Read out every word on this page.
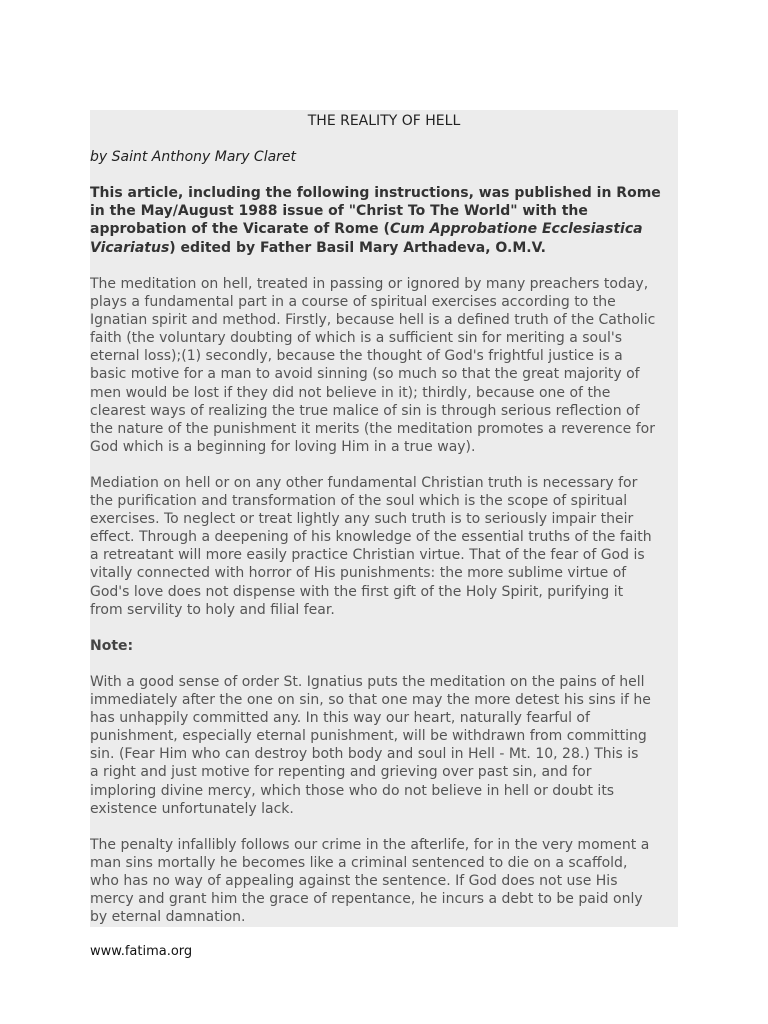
THE REALITY OF HELL
by Saint Anthony Mary Claret
This article, including the following instructions, was published in Rome
in the May/August 1988 issue of "Christ To The World" with the
approbation of the Vicarate of Rome (Cum Approbatione Ecclesiastica
Vicariatus) edited by Father Basil Mary Arthadeva, O.M.V.
The meditation on hell, treated in passing or ignored by many preachers today,
plays a fundamental part in a course of spiritual exercises according to the
Ignatian spirit and method. Firstly, because hell is a defined truth of the Catholic
faith (the voluntary doubting of which is a sufficient sin for meriting a soul's
eternal loss);(1) secondly, because the thought of God's frightful justice is a
basic motive for a man to avoid sinning (so much so that the great majority of
men would be lost if they did not believe in it); thirdly, because one of the
clearest ways of realizing the true malice of sin is through serious reflection of
the nature of the punishment it merits (the meditation promotes a reverence for
God which is a beginning for loving Him in a true way).
Mediation on hell or on any other fundamental Christian truth is necessary for
the purification and transformation of the soul which is the scope of spiritual
exercises. To neglect or treat lightly any such truth is to seriously impair their
effect. Through a deepening of his knowledge of the essential truths of the faith
a retreatant will more easily practice Christian virtue. That of the fear of God is
vitally connected with horror of His punishments: the more sublime virtue of
God's love does not dispense with the first gift of the Holy Spirit, purifying it
from servility to holy and filial fear.
Note:
With a good sense of order St. Ignatius puts the meditation on the pains of hell
immediately after the one on sin, so that one may the more detest his sins if he
has unhappily committed any. In this way our heart, naturally fearful of
punishment, especially eternal punishment, will be withdrawn from committing
sin. (Fear Him who can destroy both body and soul in Hell - Mt. 10, 28.) This is
a right and just motive for repenting and grieving over past sin, and for
imploring divine mercy, which those who do not believe in hell or doubt its
existence unfortunately lack.
The penalty infallibly follows our crime in the afterlife, for in the very moment a
man sins mortally he becomes like a criminal sentenced to die on a scaffold,
who has no way of appealing against the sentence. If God does not use His
mercy and grant him the grace of repentance, he incurs a debt to be paid only
by eternal damnation.
www.fatima.org
